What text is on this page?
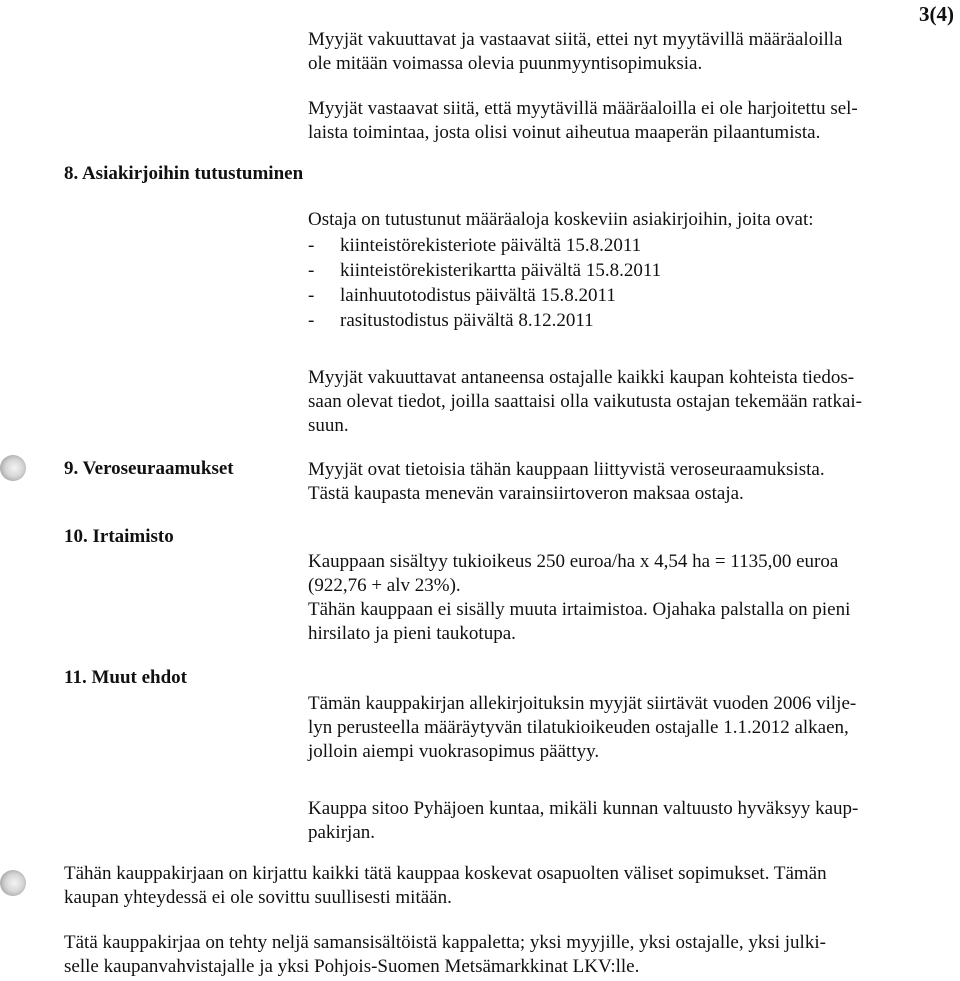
3(4)
Myyjät vakuuttavat ja vastaavat siitä, ettei nyt myytävillä määräaloilla
ole mitään voimassa olevia puunmyyntisopimuksia.
Myyjät vastaavat siitä, että myytävillä määräaloilla ei ole harjoitettu sel-
laista toimintaa, josta olisi voinut aiheutua maaperän pilaantumista.
8. Asiakirjoihin tutustuminen
Ostaja on tutustunut määräaloja koskeviin asiakirjoihin, joita ovat:
- kiinteistörekisteriote päivältä 15.8.2011
- kiinteistörekisterikartta päivältä 15.8.2011
- lainhuutotodistus päivältä 15.8.2011
- rasitustodistus päivältä 8.12.2011
Myyjät vakuuttavat antaneensa ostajalle kaikki kaupan kohteista tiedos-
saan olevat tiedot, joilla saattaisi olla vaikutusta ostajan tekemään ratkai-
suun.
9. Veroseuraamukset	Myyjät ovat tietoisia tähän kauppaan liittyvistä veroseuraamuksista.
Tästä kaupasta menevän varainsiirtoveron maksaa ostaja.
10. Irtaimisto
Kauppaan sisältyy tukioikeus 250 euroa/ha x 4,54 ha = 1135,00 euroa
(922,76 + alv 23%).
Tähän kauppaan ei sisälly muuta irtaimistoa. Ojahaka palstalla on pieni
hirsilato ja pieni taukotupa.
11. Muut ehdot
Tämän kauppakirjan allekirjoituksin myyjät siirtävät vuoden 2006 vilje-
lyn perusteella määräytyvän tilatukioikeuden ostajalle 1.1.2012 alkaen,
jolloin aiempi vuokrasopimus päättyy.
Kauppa sitoo Pyhäjoen kuntaa, mikäli kunnan valtuusto hyväksyy kaup-
pakirjan.
Tähän kauppakirjaan on kirjattu kaikki tätä kauppaa koskevat osapuolten väliset sopimukset. Tämän
kaupan yhteydessä ei ole sovittu suullisesti mitään.
Tätä kauppakirjaa on tehty neljä samansisältöistä kappaletta; yksi myyjille, yksi ostajalle, yksi julki-
selle kaupanvahvistajalle ja yksi Pohjois-Suomen Metsämarkkinat LKV:lle.
